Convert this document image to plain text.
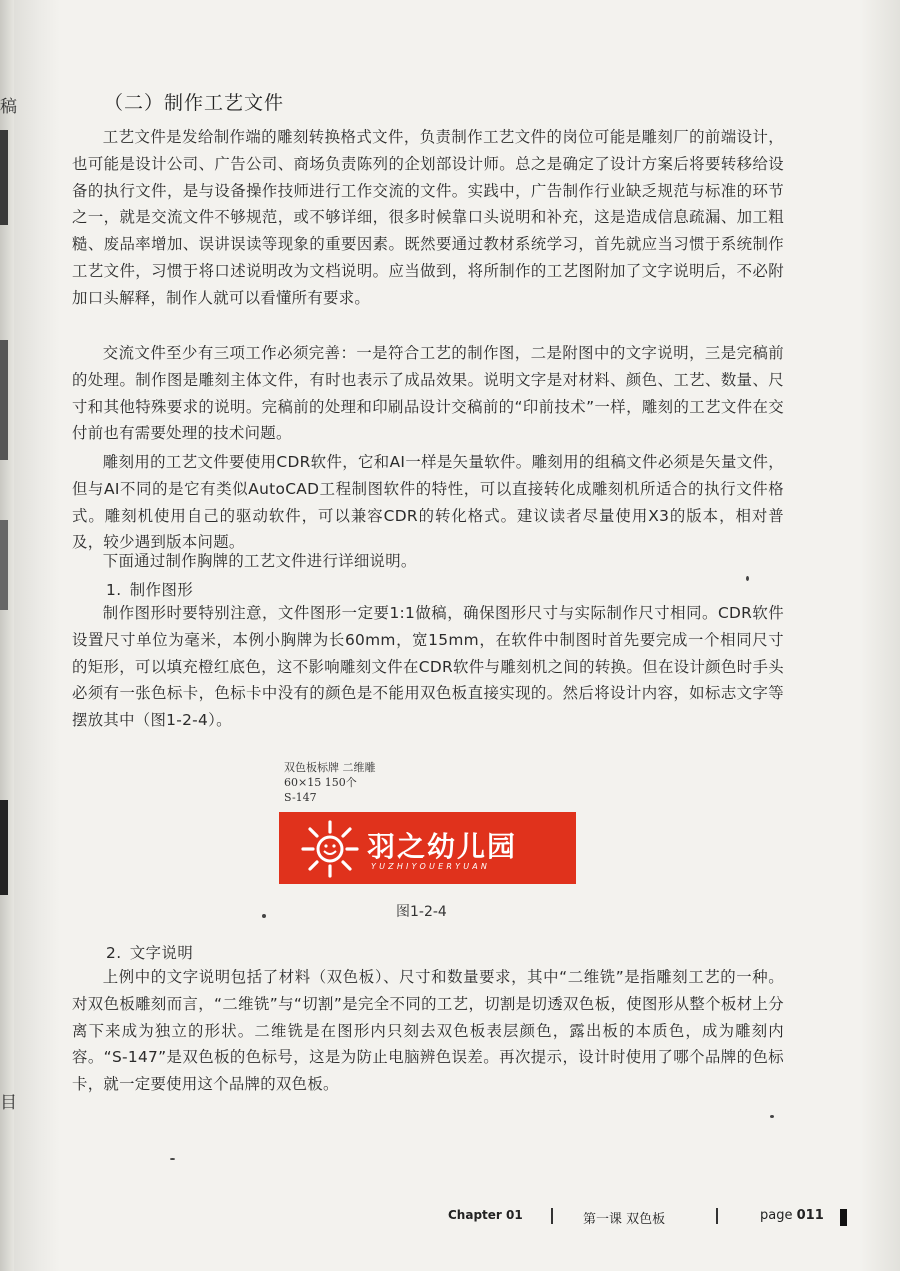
稿
目
（二）制作工艺文件

工艺文件是发给制作端的雕刻转换格式文件，负责制作工艺文件的岗位可能是雕刻厂的前端设计，也可能是设计公司、广告公司、商场负责陈列的企划部设计师。总之是确定了设计方案后将要转移给设备的执行文件，是与设备操作技师进行工作交流的文件。实践中，广告制作行业缺乏规范与标准的环节之一，就是交流文件不够规范，或不够详细，很多时候靠口头说明和补充，这是造成信息疏漏、加工粗糙、废品率增加、误讲误读等现象的重要因素。既然要通过教材系统学习，首先就应当习惯于系统制作工艺文件，习惯于将口述说明改为文档说明。应当做到，将所制作的工艺图附加了文字说明后，不必附加口头解释，制作人就可以看懂所有要求。

交流文件至少有三项工作必须完善：一是符合工艺的制作图，二是附图中的文字说明，三是完稿前的处理。制作图是雕刻主体文件，有时也表示了成品效果。说明文字是对材料、颜色、工艺、数量、尺寸和其他特殊要求的说明。完稿前的处理和印刷品设计交稿前的“印前技术”一样，雕刻的工艺文件在交付前也有需要处理的技术问题。

雕刻用的工艺文件要使用CDR软件，它和AI一样是矢量软件。雕刻用的组稿文件必须是矢量文件，但与AI不同的是它有类似AutoCAD工程制图软件的特性，可以直接转化成雕刻机所适合的执行文件格式。雕刻机使用自己的驱动软件，可以兼容CDR的转化格式。建议读者尽量使用X3的版本，相对普及，较少遇到版本问题。

下面通过制作胸牌的工艺文件进行详细说明。

1. 制作图形

制作图形时要特别注意，文件图形一定要1:1做稿，确保图形尺寸与实际制作尺寸相同。CDR软件设置尺寸单位为毫米，本例小胸牌为长60mm，宽15mm，在软件中制图时首先要完成一个相同尺寸的矩形，可以填充橙红底色，这不影响雕刻文件在CDR软件与雕刻机之间的转换。但在设计颜色时手头必须有一张色标卡，色标卡中没有的颜色是不能用双色板直接实现的。然后将设计内容，如标志文字等摆放其中（图1-2-4）。

双色板标牌 二维雕
60×15 150个
S-147
羽之幼儿园
YUZHIYOUERYUAN
图1-2-4
2. 文字说明

上例中的文字说明包括了材料（双色板）、尺寸和数量要求，其中“二维铣”是指雕刻工艺的一种。对双色板雕刻而言，“二维铣”与“切割”是完全不同的工艺，切割是切透双色板，使图形从整个板材上分离下来成为独立的形状。二维铣是在图形内只刻去双色板表层颜色，露出板的本质色，成为雕刻内容。“S-147”是双色板的色标号，这是为防止电脑辨色误差。再次提示，设计时使用了哪个品牌的色标卡，就一定要使用这个品牌的双色板。

Chapter 01	第一课 双色板	page 011
